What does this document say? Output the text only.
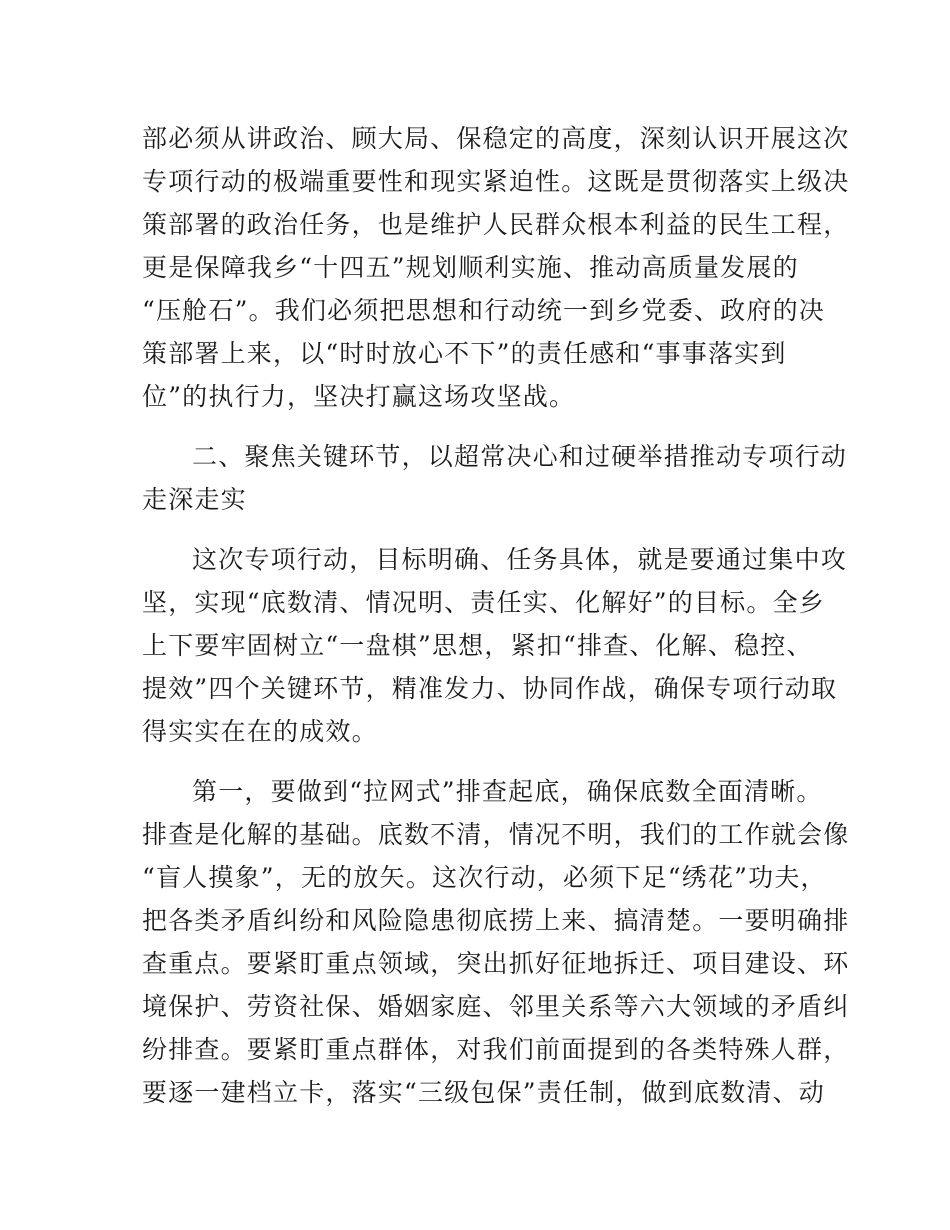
部必须从讲政治、顾大局、保稳定的高度，深刻认识开展这次
专项行动的极端重要性和现实紧迫性。这既是贯彻落实上级决
策部署的政治任务，也是维护人民群众根本利益的民生工程，
更是保障我乡“十四五”规划顺利实施、推动高质量发展的
“压舱石”。我们必须把思想和行动统一到乡党委、政府的决
策部署上来，以“时时放心不下”的责任感和“事事落实到
位”的执行力，坚决打赢这场攻坚战。
二、聚焦关键环节，以超常决心和过硬举措推动专项行动
走深走实
这次专项行动，目标明确、任务具体，就是要通过集中攻
坚，实现“底数清、情况明、责任实、化解好”的目标。全乡
上下要牢固树立“一盘棋”思想，紧扣“排查、化解、稳控、
提效”四个关键环节，精准发力、协同作战，确保专项行动取
得实实在在的成效。
第一，要做到“拉网式”排查起底，确保底数全面清晰。
排查是化解的基础。底数不清，情况不明，我们的工作就会像
“盲人摸象”，无的放矢。这次行动，必须下足“绣花”功夫，
把各类矛盾纠纷和风险隐患彻底捞上来、搞清楚。一要明确排
查重点。要紧盯重点领域，突出抓好征地拆迁、项目建设、环
境保护、劳资社保、婚姻家庭、邻里关系等六大领域的矛盾纠
纷排查。要紧盯重点群体，对我们前面提到的各类特殊人群，
要逐一建档立卡，落实“三级包保”责任制，做到底数清、动
